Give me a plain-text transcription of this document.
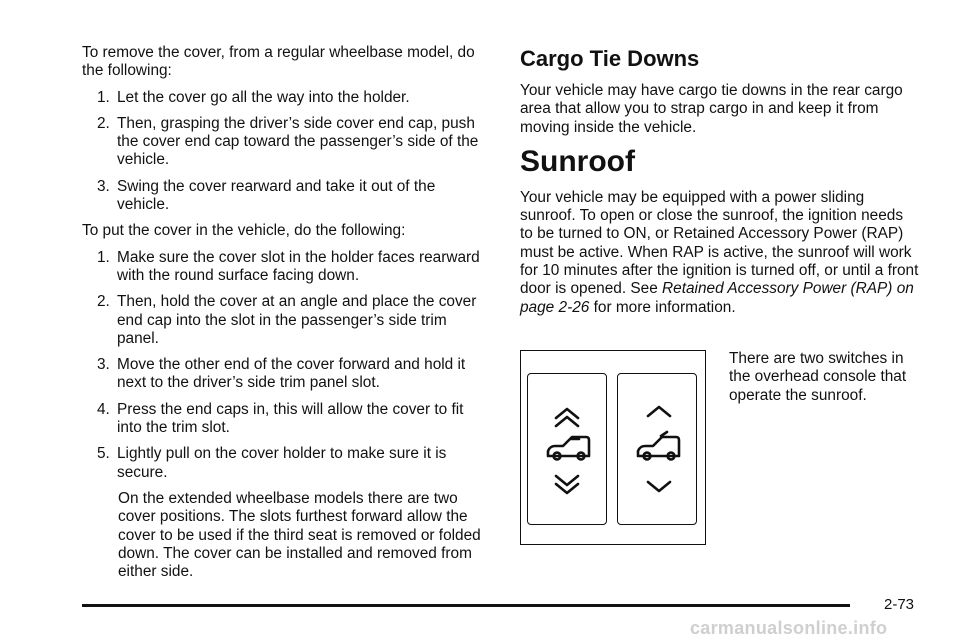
To remove the cover, from a regular wheelbase model, do the following:

1. Let the cover go all the way into the holder.
2. Then, grasping the driver’s side cover end cap, push the cover end cap toward the passenger’s side of the vehicle.
3. Swing the cover rearward and take it out of the vehicle.

To put the cover in the vehicle, do the following:

1. Make sure the cover slot in the holder faces rearward with the round surface facing down.
2. Then, hold the cover at an angle and place the cover end cap into the slot in the passenger’s side trim panel.
3. Move the other end of the cover forward and hold it next to the driver’s side trim panel slot.
4. Press the end caps in, this will allow the cover to fit into the trim slot.
5. Lightly pull on the cover holder to make sure it is secure.

On the extended wheelbase models there are two cover positions. The slots furthest forward allow the cover to be used if the third seat is removed or folded down. The cover can be installed and removed from either side.

Cargo Tie Downs

Your vehicle may have cargo tie downs in the rear cargo area that allow you to strap cargo in and keep it from moving inside the vehicle.

Sunroof

Your vehicle may be equipped with a power sliding sunroof. To open or close the sunroof, the ignition needs to be turned to ON, or Retained Accessory Power (RAP) must be active. When RAP is active, the sunroof will work for 10 minutes after the ignition is turned off, or until a front door is opened. See Retained Accessory Power (RAP) on page 2-26 for more information.

There are two switches in the overhead console that operate the sunroof.
2-73
carmanualsonline.info
